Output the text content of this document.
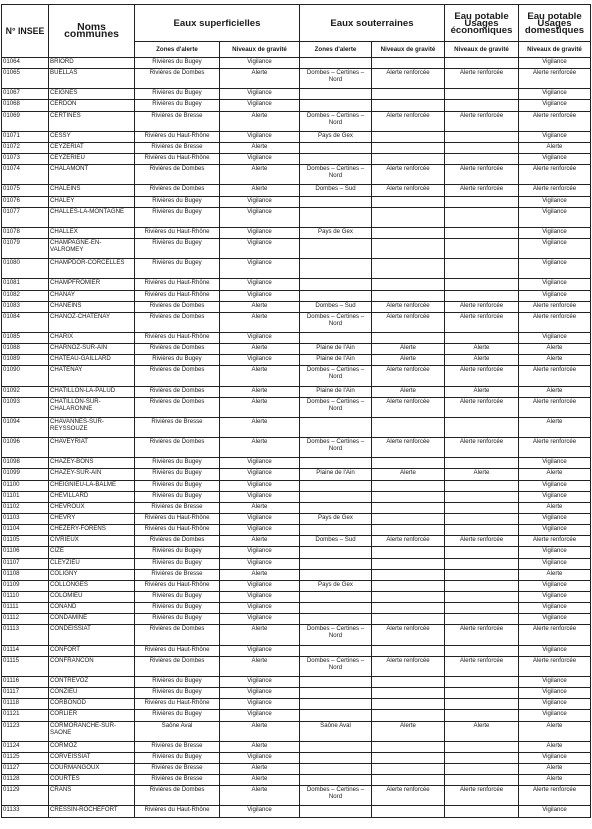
N° INSEE	Noms communes	Eaux superficielles		Eaux souterraines		Eau potable Usages économiques	Eau potable Usages domestiques
		Zones d'alerte	Niveaux de gravité	Zones d'alerte	Niveaux de gravité	Niveaux de gravité	Niveaux de gravité
01064	BRIORD	Rivières du Bugey	Vigilance				Vigilance
01065	BUELLAS	Rivières de Dombes	Alerte	Dombes – Certines – Nord	Alerte renforcée	Alerte renforcée	Alerte renforcée
01067	CEIGNES	Rivières du Bugey	Vigilance				Vigilance
01068	CERDON	Rivières du Bugey	Vigilance				Vigilance
01069	CERTINES	Rivières de Bresse	Alerte	Dombes – Certines – Nord	Alerte renforcée	Alerte renforcée	Alerte renforcée
01071	CESSY	Rivières du Haut-Rhône	Vigilance	Pays de Gex			Vigilance
01072	CEYZERIAT	Rivières de Bresse	Alerte				Alerte
01073	CEYZERIEU	Rivières du Haut-Rhône	Vigilance				Vigilance
01074	CHALAMONT	Rivières de Dombes	Alerte	Dombes – Certines – Nord	Alerte renforcée	Alerte renforcée	Alerte renforcée
01075	CHALEINS	Rivières de Dombes	Alerte	Dombes – Sud	Alerte renforcée	Alerte renforcée	Alerte renforcée
01076	CHALEY	Rivières du Bugey	Vigilance				Vigilance
01077	CHALLES-LA-MONTAGNE	Rivières du Bugey	Vigilance				Vigilance
01078	CHALLEX	Rivières du Haut-Rhône	Vigilance	Pays de Gex			Vigilance
01079	CHAMPAGNE-EN-VALROMEY	Rivières du Bugey	Vigilance				Vigilance
01080	CHAMPDOR-CORCELLES	Rivières du Bugey	Vigilance				Vigilance
01081	CHAMPFROMIER	Rivières du Haut-Rhône	Vigilance				Vigilance
01082	CHANAY	Rivières du Haut-Rhône	Vigilance				Vigilance
01083	CHANEINS	Rivières de Dombes	Alerte	Dombes – Sud	Alerte renforcée	Alerte renforcée	Alerte renforcée
01084	CHANOZ-CHATENAY	Rivières de Dombes	Alerte	Dombes – Certines – Nord	Alerte renforcée	Alerte renforcée	Alerte renforcée
01085	CHARIX	Rivières du Haut-Rhône	Vigilance				Vigilance
01088	CHARNOZ-SUR-AIN	Rivières de Dombes	Alerte	Plaine de l'Ain	Alerte	Alerte	Alerte
01089	CHATEAU-GAILLARD	Rivières du Bugey	Vigilance	Plaine de l'Ain	Alerte	Alerte	Alerte
01090	CHATENAY	Rivières de Dombes	Alerte	Dombes – Certines – Nord	Alerte renforcée	Alerte renforcée	Alerte renforcée
01092	CHATILLON-LA-PALUD	Rivières de Dombes	Alerte	Plaine de l'Ain	Alerte	Alerte	Alerte
01093	CHATILLON-SUR-CHALARONNE	Rivières de Dombes	Alerte	Dombes – Certines – Nord	Alerte renforcée	Alerte renforcée	Alerte renforcée
01094	CHAVANNES-SUR-REYSSOUZE	Rivières de Bresse	Alerte				Alerte
01096	CHAVEYRIAT	Rivières de Dombes	Alerte	Dombes – Certines – Nord	Alerte renforcée	Alerte renforcée	Alerte renforcée
01098	CHAZEY-BONS	Rivières du Bugey	Vigilance				Vigilance
01099	CHAZEY-SUR-AIN	Rivières du Bugey	Vigilance	Plaine de l'Ain	Alerte	Alerte	Alerte
01100	CHEIGNIEU-LA-BALME	Rivières du Bugey	Vigilance				Vigilance
01101	CHEVILLARD	Rivières du Bugey	Vigilance				Vigilance
01102	CHEVROUX	Rivières de Bresse	Alerte				Alerte
01103	CHEVRY	Rivières du Haut-Rhône	Vigilance	Pays de Gex			Vigilance
01104	CHEZERY-FORENS	Rivières du Haut-Rhône	Vigilance				Vigilance
01105	CIVRIEUX	Rivières de Dombes	Alerte	Dombes – Sud	Alerte renforcée	Alerte renforcée	Alerte renforcée
01106	CIZE	Rivières du Bugey	Vigilance				Vigilance
01107	CLEYZIEU	Rivières du Bugey	Vigilance				Vigilance
01108	COLIGNY	Rivières de Bresse	Alerte				Alerte
01109	COLLONGES	Rivières du Haut-Rhône	Vigilance	Pays de Gex			Vigilance
01110	COLOMIEU	Rivières du Bugey	Vigilance				Vigilance
01111	CONAND	Rivières du Bugey	Vigilance				Vigilance
01112	CONDAMINE	Rivières du Bugey	Vigilance				Vigilance
01113	CONDEISSIAT	Rivières de Dombes	Alerte	Dombes – Certines – Nord	Alerte renforcée	Alerte renforcée	Alerte renforcée
01114	CONFORT	Rivières du Haut-Rhône	Vigilance				Vigilance
01115	CONFRANCON	Rivières de Dombes	Alerte	Dombes – Certines – Nord	Alerte renforcée	Alerte renforcée	Alerte renforcée
01116	CONTREVOZ	Rivières du Bugey	Vigilance				Vigilance
01117	CONZIEU	Rivières du Bugey	Vigilance				Vigilance
01118	CORBONOD	Rivières du Haut-Rhône	Vigilance				Vigilance
01121	CORLIER	Rivières du Bugey	Vigilance				Vigilance
01123	CORMORANCHE-SUR-SAONE	Saône Aval	Alerte	Saône Aval	Alerte	Alerte	Alerte
01124	CORMOZ	Rivières de Bresse	Alerte				Alerte
01125	CORVEISSIAT	Rivières du Bugey	Vigilance				Vigilance
01127	COURMANGOUX	Rivières de Bresse	Alerte				Alerte
01128	COURTES	Rivières de Bresse	Alerte				Alerte
01129	CRANS	Rivières de Dombes	Alerte	Dombes – Certines – Nord	Alerte renforcée	Alerte renforcée	Alerte renforcée
01133	CRESSIN-ROCHEFORT	Rivières du Haut-Rhône	Vigilance				Vigilance
